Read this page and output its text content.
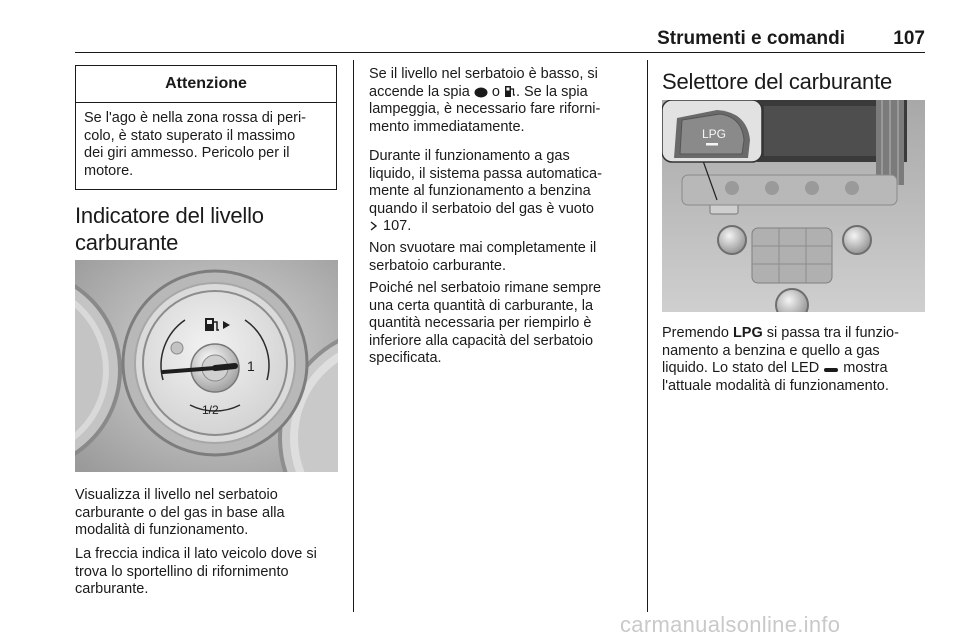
Strumenti e comandi	107
Attenzione
Se l'ago è nella zona rossa di peri-
colo, è stato superato il massimo
dei giri ammesso. Pericolo per il
motore.
Indicatore del livello
carburante
1
1/2
Visualizza il livello nel serbatoio
carburante o del gas in base alla
modalità di funzionamento.
La freccia indica il lato veicolo dove si
trova lo sportellino di rifornimento
carburante.
Se il livello nel serbatoio è basso, si
accende la spia o . Se la spia
lampeggia, è necessario fare riforni-
mento immediatamente.
Durante il funzionamento a gas
liquido, il sistema passa automatica-
mente al funzionamento a benzina
quando il serbatoio del gas è vuoto
107.
Non svuotare mai completamente il
serbatoio carburante.
Poiché nel serbatoio rimane sempre
una certa quantità di carburante, la
quantità necessaria per riempirlo è
inferiore alla capacità del serbatoio
specificata.
Selettore del carburante
LPG
Premendo LPG si passa tra il funzio-
namento a benzina e quello a gas
liquido. Lo stato del LED mostra
l'attuale modalità di funzionamento.
carmanualsonline.info
